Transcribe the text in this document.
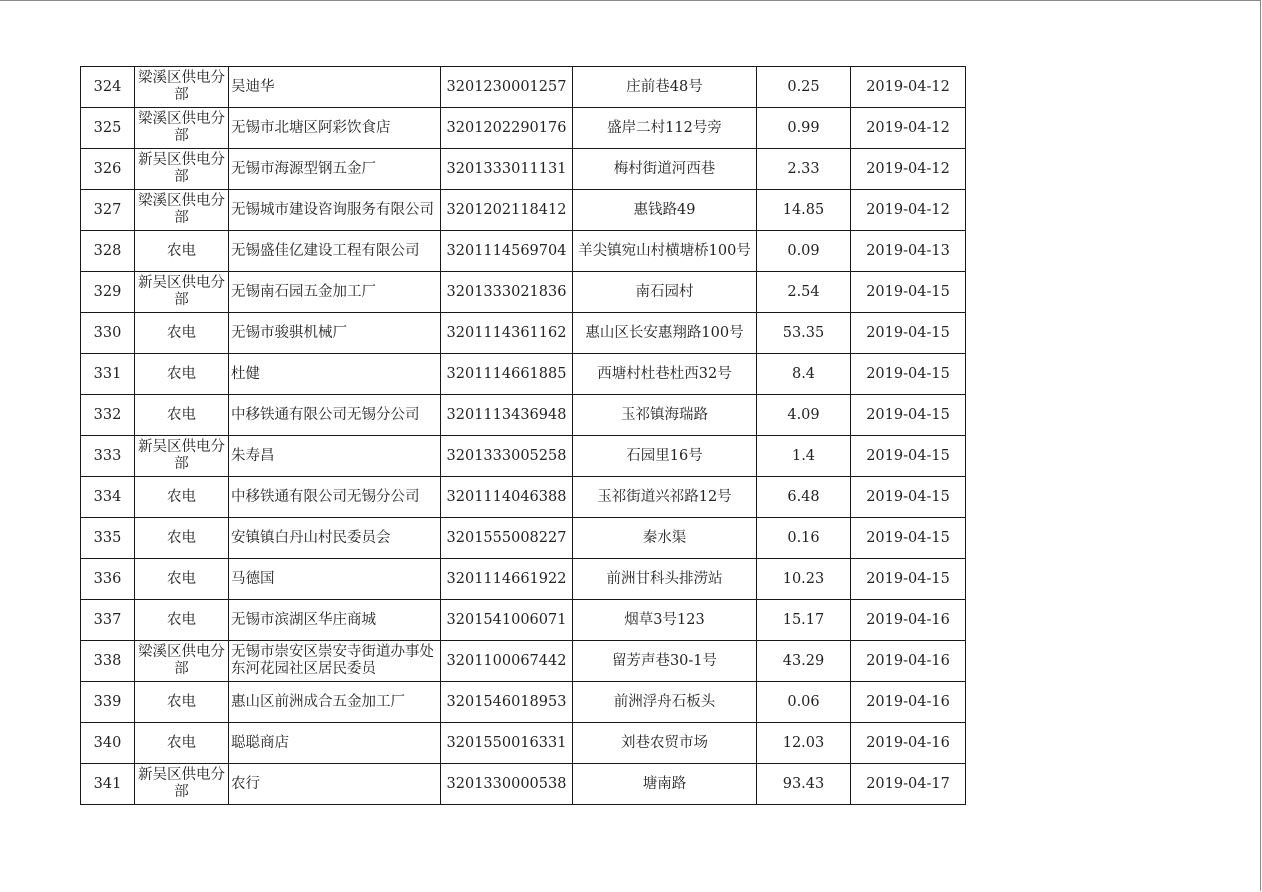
324	梁溪区供电分部	吴迪华	3201230001257	庄前巷48号	0.25	2019-04-12
325	梁溪区供电分部	无锡市北塘区阿彩饮食店	3201202290176	盛岸二村112号旁	0.99	2019-04-12
326	新吴区供电分部	无锡市海源型钢五金厂	3201333011131	梅村街道河西巷	2.33	2019-04-12
327	梁溪区供电分部	无锡城市建设咨询服务有限公司	3201202118412	惠钱路49	14.85	2019-04-12
328	农电	无锡盛佳亿建设工程有限公司	3201114569704	羊尖镇宛山村横塘桥100号	0.09	2019-04-13
329	新吴区供电分部	无锡南石园五金加工厂	3201333021836	南石园村	2.54	2019-04-15
330	农电	无锡市骏骐机械厂	3201114361162	惠山区长安惠翔路100号	53.35	2019-04-15
331	农电	杜健	3201114661885	西塘村杜巷杜西32号	8.4	2019-04-15
332	农电	中移铁通有限公司无锡分公司	3201113436948	玉祁镇海瑞路	4.09	2019-04-15
333	新吴区供电分部	朱寿昌	3201333005258	石园里16号	1.4	2019-04-15
334	农电	中移铁通有限公司无锡分公司	3201114046388	玉祁街道兴祁路12号	6.48	2019-04-15
335	农电	安镇镇白丹山村民委员会	3201555008227	秦水渠	0.16	2019-04-15
336	农电	马德国	3201114661922	前洲甘科头排涝站	10.23	2019-04-15
337	农电	无锡市滨湖区华庄商城	3201541006071	烟草3号123	15.17	2019-04-16
338	梁溪区供电分部	无锡市崇安区崇安寺街道办事处东河花园社区居民委员	3201100067442	留芳声巷30-1号	43.29	2019-04-16
339	农电	惠山区前洲成合五金加工厂	3201546018953	前洲浮舟石板头	0.06	2019-04-16
340	农电	聪聪商店	3201550016331	刘巷农贸市场	12.03	2019-04-16
341	新吴区供电分部	农行	3201330000538	塘南路	93.43	2019-04-17
